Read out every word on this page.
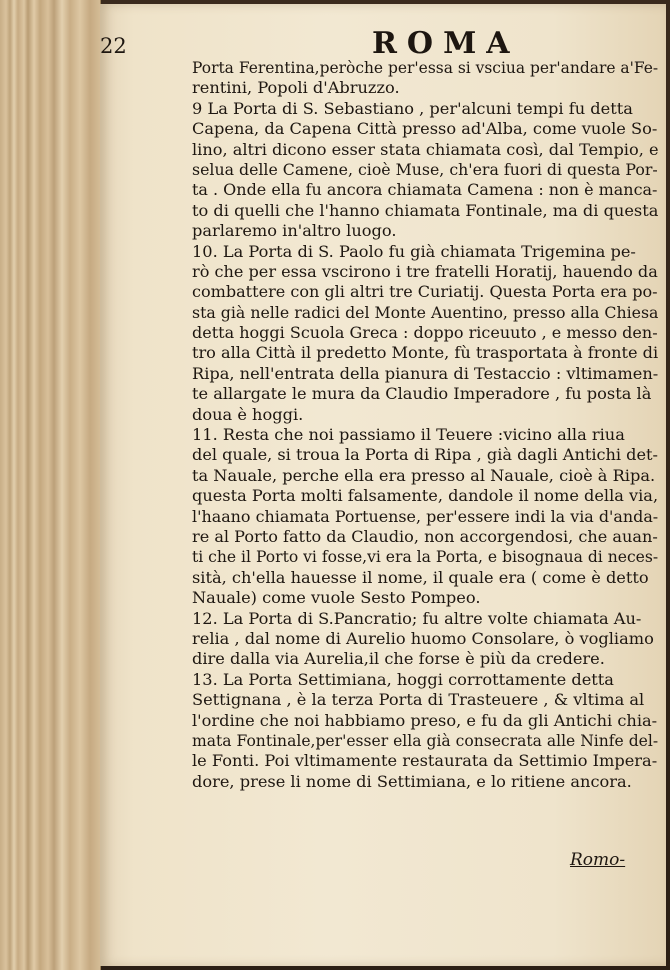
22	ROMA
Porta Ferentina,peròche per'essa si vsciua per'andare a'Fe-
rentini, Popoli d'Abruzzo.
9 La Porta di S. Sebastiano , per'alcuni tempi fu detta
Capena, da Capena Città presso ad'Alba, come vuole So-
lino, altri dicono esser stata chiamata così, dal Tempio, e
selua delle Camene, cioè Muse, ch'era fuori di questa Por-
ta . Onde ella fu ancora chiamata Camena : non è manca-
to di quelli che l'hanno chiamata Fontinale, ma di questa
parlaremo in'altro luogo.
10. La Porta di S. Paolo fu già chiamata Trigemina pe-
rò che per essa vscirono i tre fratelli Horatij, hauendo da
combattere con gli altri tre Curiatij. Questa Porta era po-
sta già nelle radici del Monte Auentino, presso alla Chiesa
detta hoggi Scuola Greca : doppo riceuuto , e messo den-
tro alla Città il predetto Monte, fù trasportata à fronte di
Ripa, nell'entrata della pianura di Testaccio : vltimamen-
te allargate le mura da Claudio Imperadore , fu posta là
doua è hoggi.
11. Resta che noi passiamo il Teuere :vicino alla riua
del quale, si troua la Porta di Ripa , già dagli Antichi det-
ta Nauale, perche ella era presso al Nauale, cioè à Ripa.
questa Porta molti falsamente, dandole il nome della via,
l'haano chiamata Portuense, per'essere indi la via d'anda-
re al Porto fatto da Claudio, non accorgendosi, che auan-
ti che il Porto vi fosse,vi era la Porta, e bisognaua di neces-
sità, ch'ella hauesse il nome, il quale era ( come è detto
Nauale) come vuole Sesto Pompeo.
12. La Porta di S.Pancratio; fu altre volte chiamata Au-
relia , dal nome di Aurelio huomo Consolare, ò vogliamo
dire dalla via Aurelia,il che forse è più da credere.
13. La Porta Settimiana, hoggi corrottamente detta
Settignana , è la terza Porta di Trasteuere , & vltima al
l'ordine che noi habbiamo preso, e fu da gli Antichi chia-
mata Fontinale,per'esser ella già consecrata alle Ninfe del-
le Fonti. Poi vltimamente restaurata da Settimio Impera-
dore, prese li nome di Settimiana, e lo ritiene ancora.
Romo-
